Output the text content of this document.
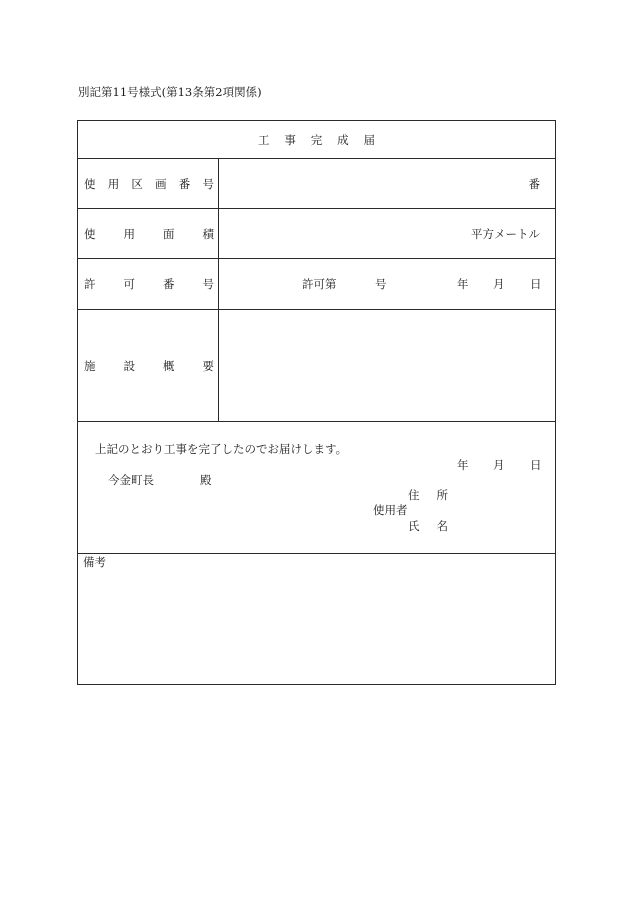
別記第11号様式(第13条第2項関係)
工 事 完 成 届
使 用 区 画 番 号	番
使 用 面 積	平方メートル
許 可 番 号	許可第	号	年 月 日
施 設 概 要
上記のとおり工事を完了したのでお届けします。
年 月 日
今金町長	殿
住 所
使用者
氏 名
備考
